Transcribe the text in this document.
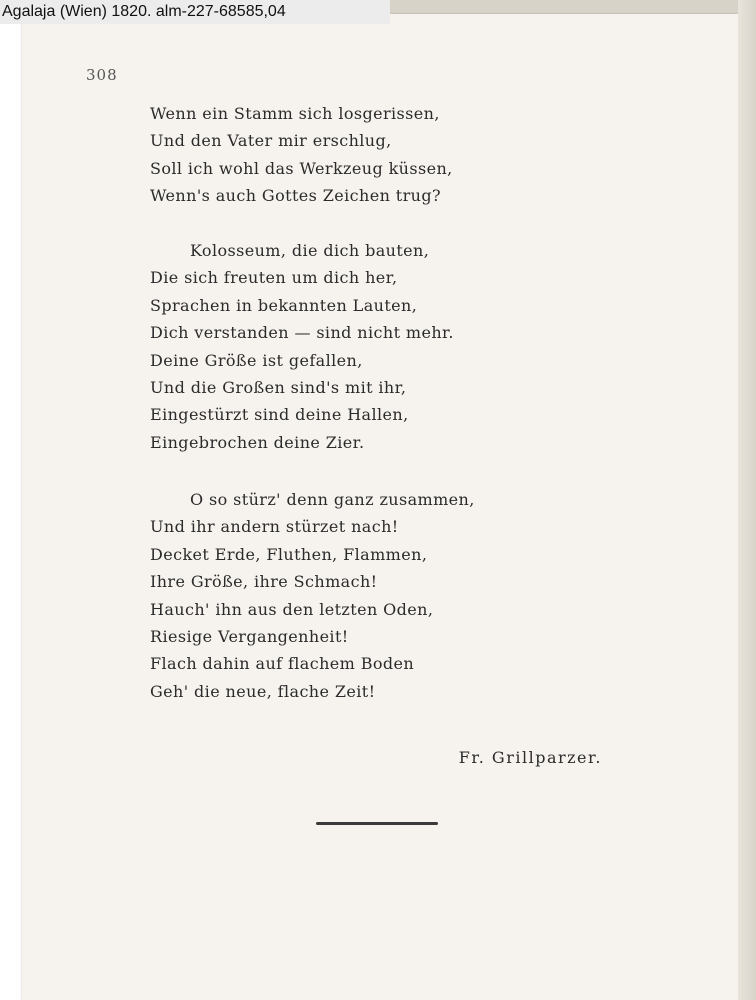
308
Wenn ein Stamm sich losgerissen,
Und den Vater mir erschlug,
Soll ich wohl das Werkzeug küssen,
Wenn's auch Gottes Zeichen trug?
Kolosseum, die dich bauten,
Die sich freuten um dich her,
Sprachen in bekannten Lauten,
Dich verstanden — sind nicht mehr.
Deine Größe ist gefallen,
Und die Großen sind's mit ihr,
Eingestürzt sind deine Hallen,
Eingebrochen deine Zier.
O so stürz' denn ganz zusammen,
Und ihr andern stürzet nach!
Decket Erde, Fluthen, Flammen,
Ihre Größe, ihre Schmach!
Hauch' ihn aus den letzten Oden,
Riesige Vergangenheit!
Flach dahin auf flachem Boden
Geh' die neue, flache Zeit!
Fr. Grillparzer.
Agalaja (Wien) 1820. alm-227-68585,04
